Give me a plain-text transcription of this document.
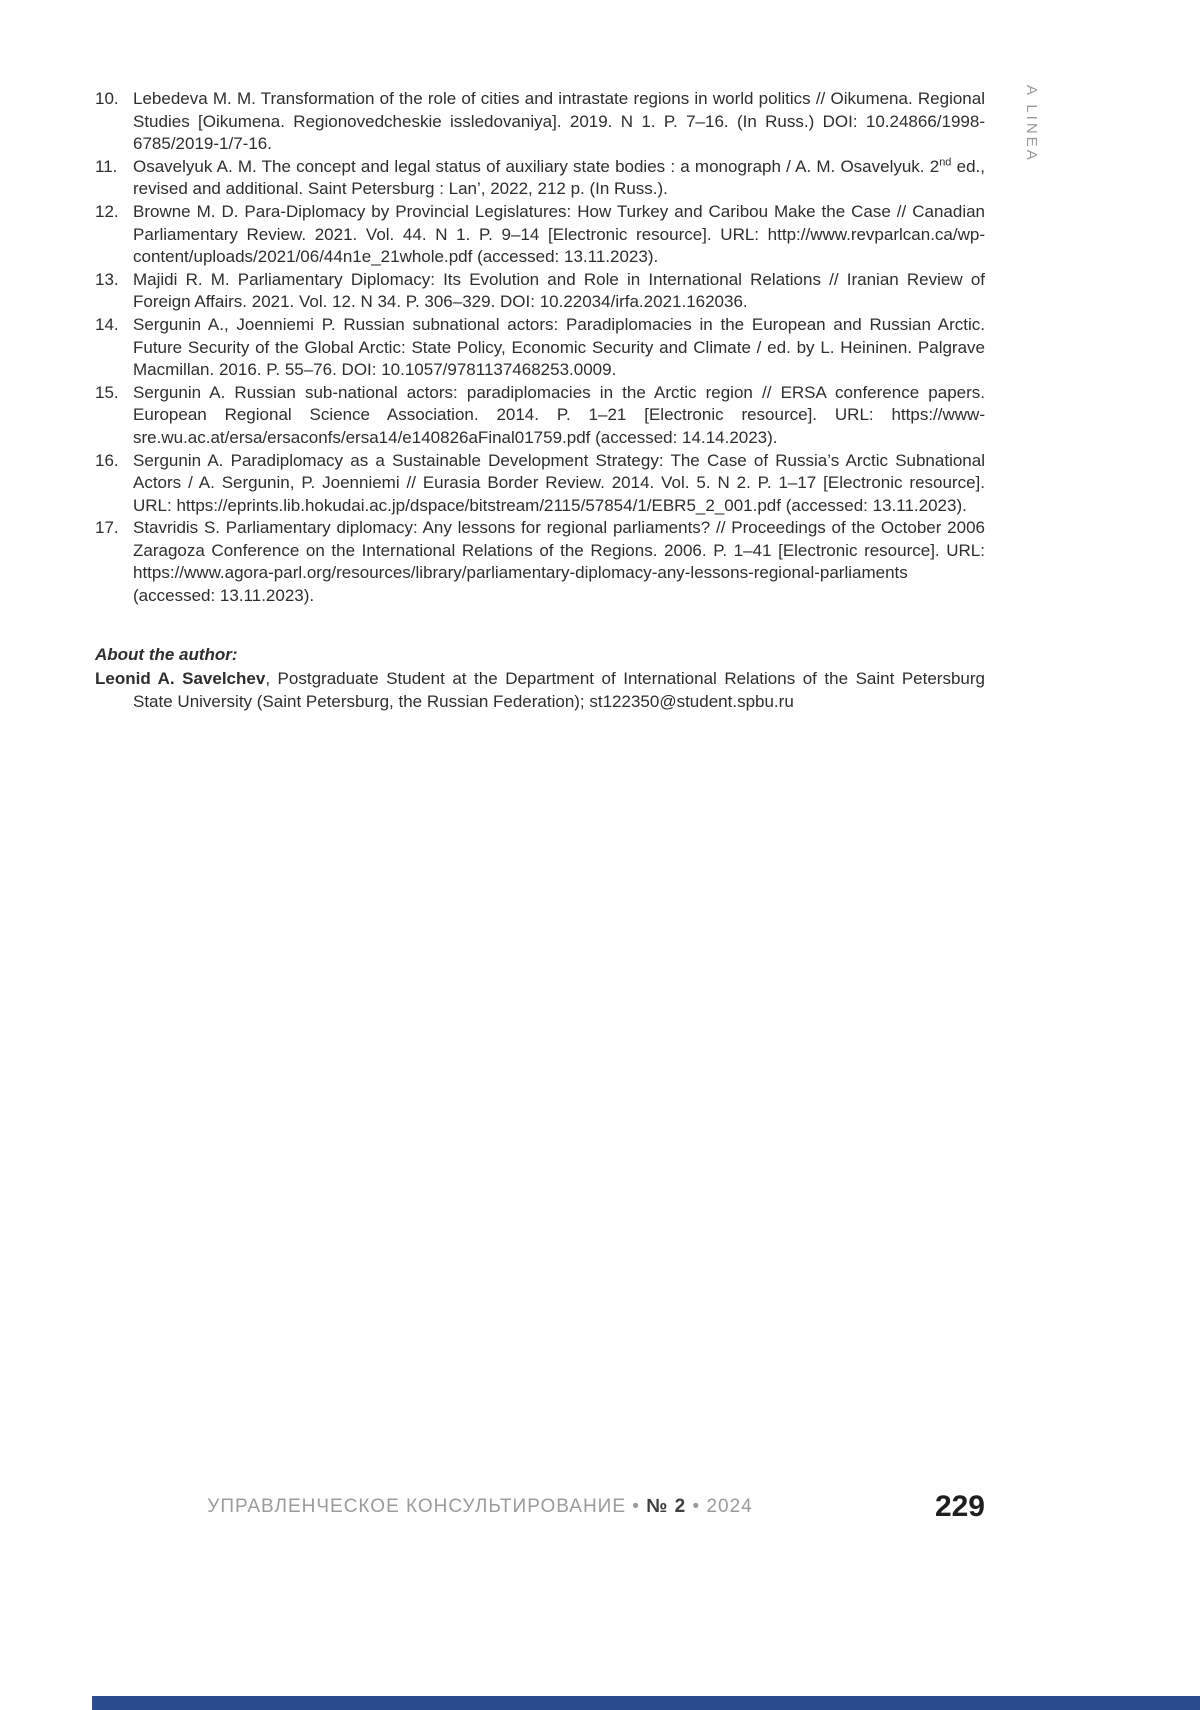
A LINEA
10. Lebedeva M. M. Transformation of the role of cities and intrastate regions in world politics // Oikumena. Regional Studies [Oikumena. Regionovedcheskie issledovaniya]. 2019. N 1. P. 7–16. (In Russ.) DOI: 10.24866/1998-6785/2019-1/7-16.
11. Osavelyuk A. M. The concept and legal status of auxiliary state bodies : a monograph / A. M. Osavelyuk. 2nd ed., revised and additional. Saint Petersburg : Lan’, 2022, 212 p. (In Russ.).
12. Browne M. D. Para-Diplomacy by Provincial Legislatures: How Turkey and Caribou Make the Case // Canadian Parliamentary Review. 2021. Vol. 44. N 1. P. 9–14 [Electronic resource]. URL: http://www.revparlcan.ca/wp-content/uploads/2021/06/44n1e_21whole.pdf (accessed: 13.11.2023).
13. Majidi R. M. Parliamentary Diplomacy: Its Evolution and Role in International Relations // Iranian Review of Foreign Affairs. 2021. Vol. 12. N 34. P. 306–329. DOI: 10.22034/irfa.2021.162036.
14. Sergunin A., Joenniemi P. Russian subnational actors: Paradiplomacies in the European and Russian Arctic. Future Security of the Global Arctic: State Policy, Economic Security and Climate / ed. by L. Heininen. Palgrave Macmillan. 2016. P. 55–76. DOI: 10.1057/9781137468253.0009.
15. Sergunin A. Russian sub-national actors: paradiplomacies in the Arctic region // ERSA conference papers. European Regional Science Association. 2014. P. 1–21 [Electronic resource]. URL: https://www-sre.wu.ac.at/ersa/ersaconfs/ersa14/e140826aFinal01759.pdf (accessed: 14.14.2023).
16. Sergunin A. Paradiplomacy as a Sustainable Development Strategy: The Case of Russia’s Arctic Subnational Actors / A. Sergunin, P. Joenniemi // Eurasia Border Review. 2014. Vol. 5. N 2. P. 1–17 [Electronic resource]. URL: https://eprints.lib.hokudai.ac.jp/dspace/bitstream/2115/57854/1/EBR5_2_001.pdf (accessed: 13.11.2023).
17. Stavridis S. Parliamentary diplomacy: Any lessons for regional parliaments? // Proceedings of the October 2006 Zaragoza Conference on the International Relations of the Regions. 2006. P. 1–41 [Electronic resource]. URL: https://www.agora-parl.org/resources/library/parliamentary-diplomacy-any-lessons-regional-parliaments (accessed: 13.11.2023).
About the author:
Leonid A. Savelchev, Postgraduate Student at the Department of International Relations of the Saint Petersburg State University (Saint Petersburg, the Russian Federation); st122350@student.spbu.ru
УПРАВЛЕНЧЕСКОЕ КОНСУЛЬТИРОВАНИЕ • № 2 • 2024	229
